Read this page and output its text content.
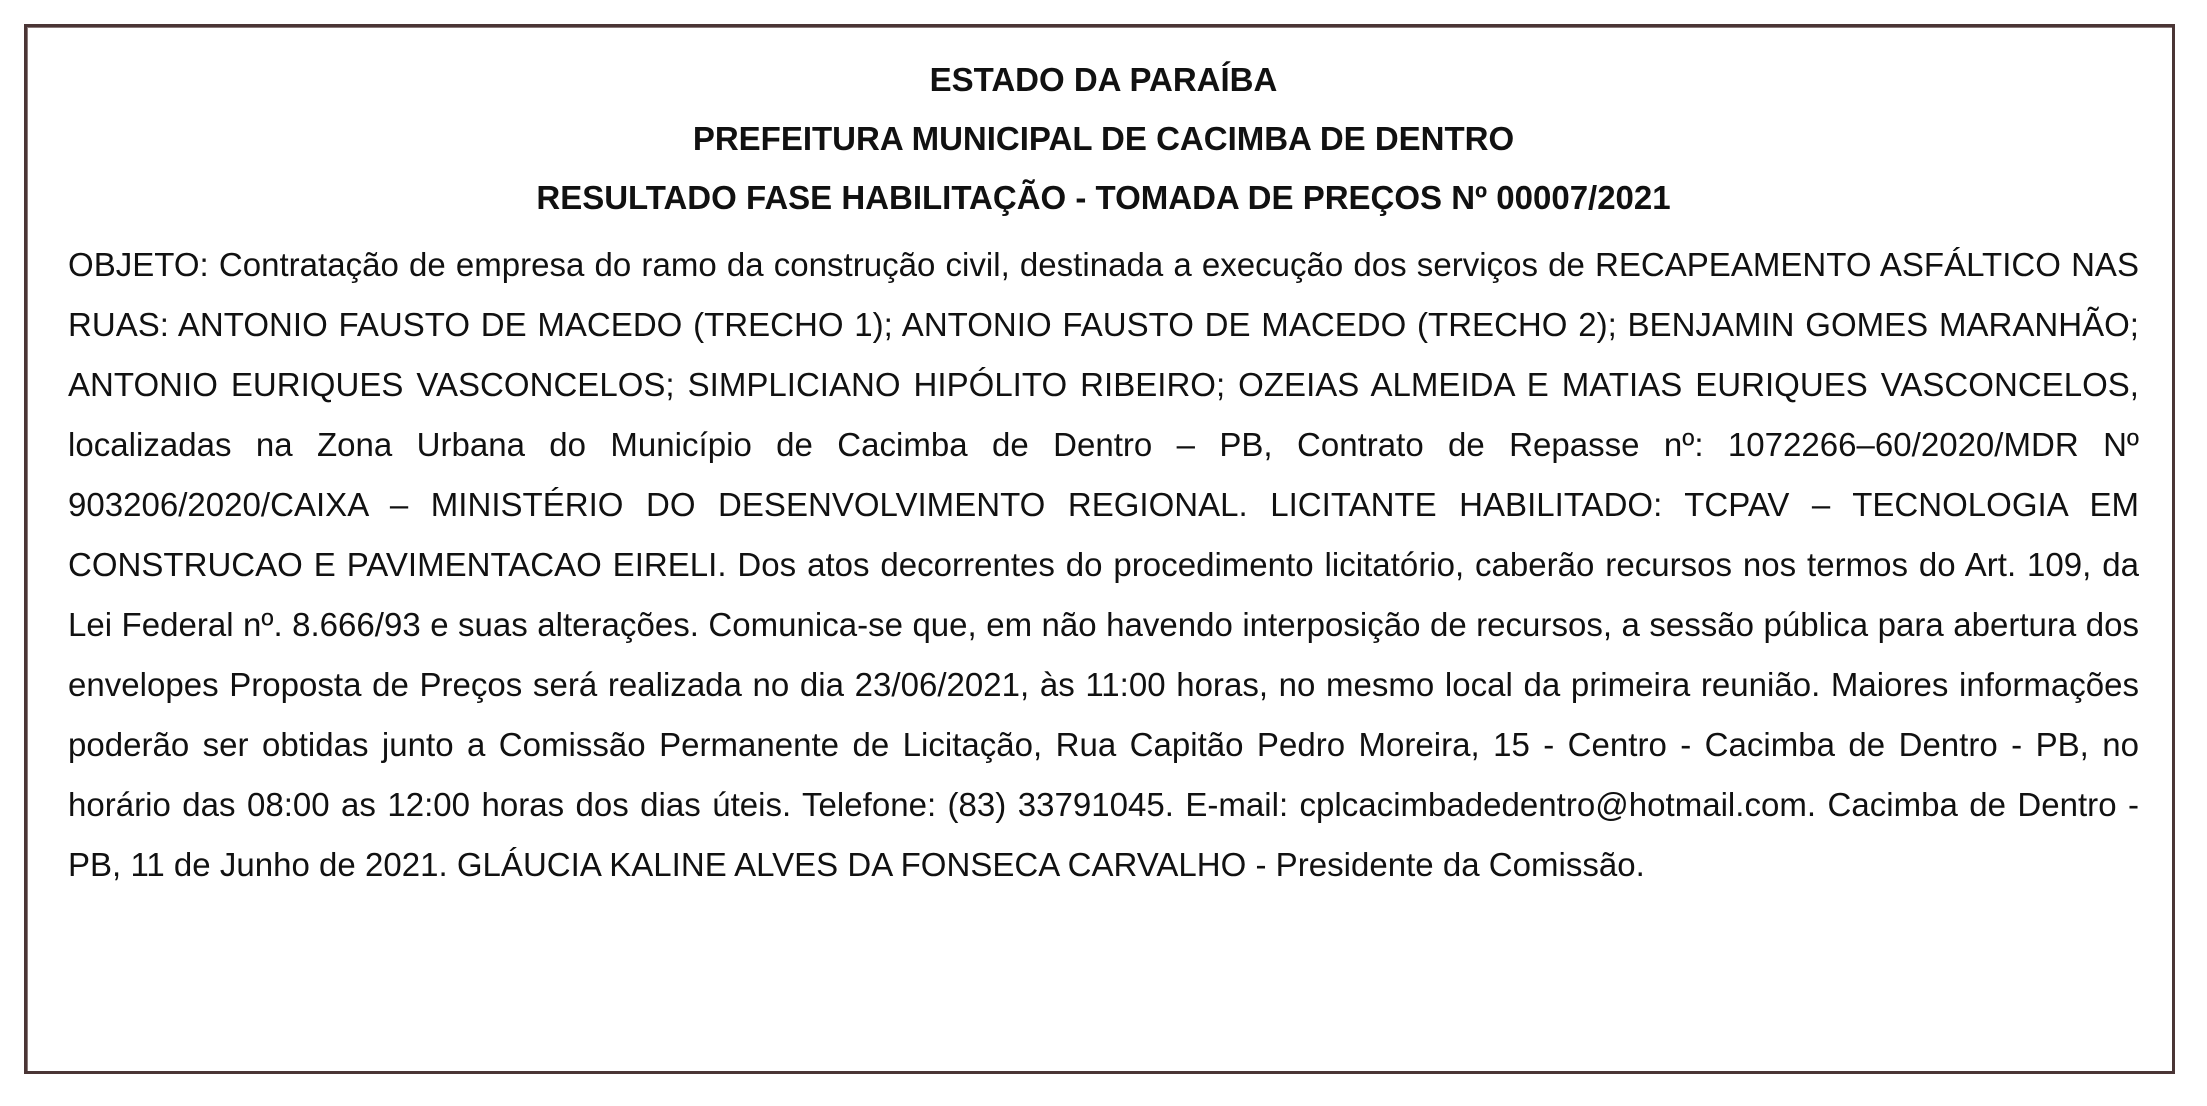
ESTADO DA PARAÍBA
PREFEITURA MUNICIPAL DE CACIMBA DE DENTRO
RESULTADO FASE HABILITAÇÃO - TOMADA DE PREÇOS Nº 00007/2021

OBJETO: Contratação de empresa do ramo da construção civil, destinada a execução dos serviços de RECAPEAMENTO ASFÁLTICO NAS RUAS: ANTONIO FAUSTO DE MACEDO (TRECHO 1); ANTONIO FAUSTO DE MACEDO (TRECHO 2); BENJAMIN GOMES MARANHÃO; ANTONIO EURIQUES VASCONCELOS; SIMPLICIANO HIPÓLITO RIBEIRO; OZEIAS ALMEIDA E MATIAS EURIQUES VASCONCELOS, localizadas na Zona Urbana do Município de Cacimba de Dentro – PB, Contrato de Repasse nº: 1072266–60/2020/MDR Nº 903206/2020/CAIXA – MINISTÉRIO DO DESENVOLVIMENTO REGIONAL. LICITANTE HABILITADO: TCPAV – TECNOLOGIA EM CONSTRUCAO E PAVIMENTACAO EIRELI. Dos atos decorrentes do procedimento licitatório, caberão recursos nos termos do Art. 109, da Lei Federal nº. 8.666/93 e suas alterações. Comunica-se que, em não havendo interposição de recursos, a sessão pública para abertura dos envelopes Proposta de Preços será realizada no dia 23/06/2021, às 11:00 horas, no mesmo local da primeira reunião. Maiores informações poderão ser obtidas junto a Comissão Permanente de Licitação, Rua Capitão Pedro Moreira, 15 - Centro - Cacimba de Dentro - PB, no horário das 08:00 as 12:00 horas dos dias úteis. Telefone: (83) 33791045. E-mail: cplcacimbadedentro@hotmail.com. Cacimba de Dentro - PB, 11 de Junho de 2021. GLÁUCIA KALINE ALVES DA FONSECA CARVALHO - Presidente da Comissão.
